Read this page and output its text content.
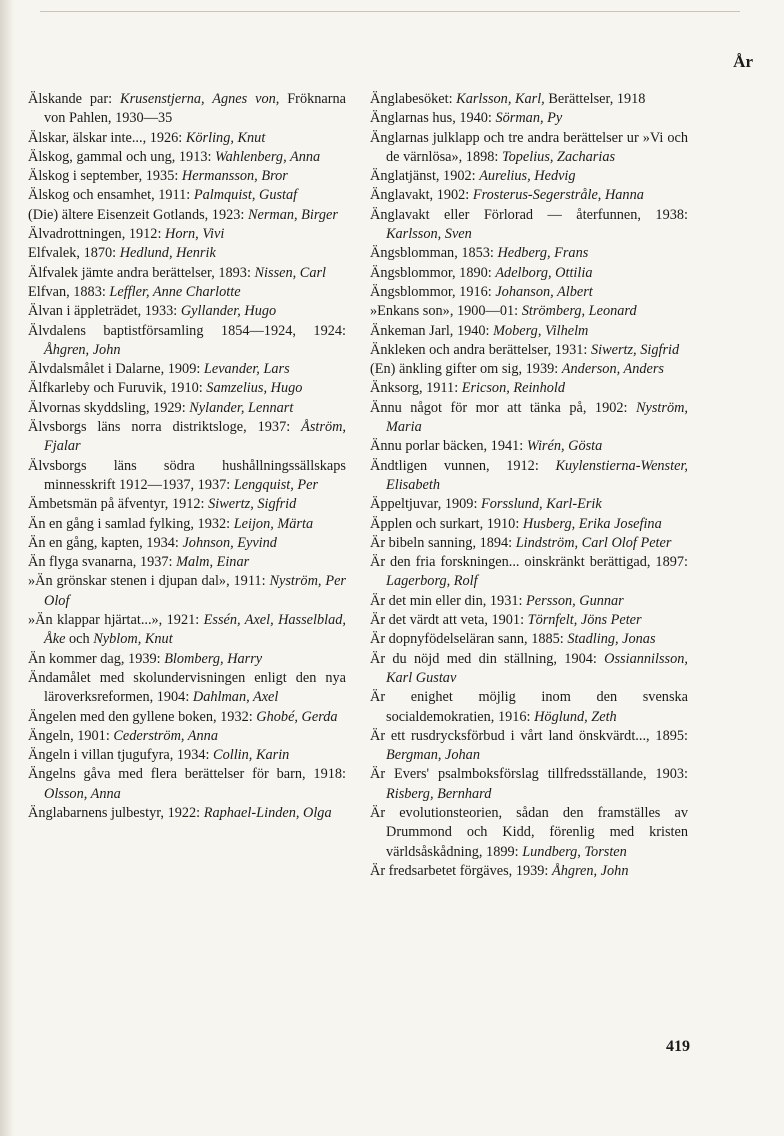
År

Älskande par: Krusenstjerna, Agnes von, Fröknarna von Pahlen, 1930—35

Älskar, älskar inte..., 1926: Körling, Knut

Älskog, gammal och ung, 1913: Wahlenberg, Anna

Älskog i september, 1935: Hermansson, Bror

Älskog och ensamhet, 1911: Palmquist, Gustaf

(Die) ältere Eisenzeit Gotlands, 1923: Nerman, Birger

Älvadrottningen, 1912: Horn, Vivi

Elfvalek, 1870: Hedlund, Henrik

Älfvalek jämte andra berättelser, 1893: Nissen, Carl

Elfvan, 1883: Leffler, Anne Charlotte

Älvan i äppleträdet, 1933: Gyllander, Hugo

Älvdalens baptistförsamling 1854—1924, 1924: Åhgren, John

Älvdalsmålet i Dalarne, 1909: Levander, Lars

Älfkarleby och Furuvik, 1910: Samzelius, Hugo

Älvornas skyddsling, 1929: Nylander, Lennart

Älvsborgs läns norra distriktsloge, 1937: Åström, Fjalar

Älvsborgs läns södra hushållningssällskaps minnesskrift 1912—1937, 1937: Lengquist, Per

Ämbetsmän på äfventyr, 1912: Siwertz, Sigfrid

Än en gång i samlad fylking, 1932: Leijon, Märta

Än en gång, kapten, 1934: Johnson, Eyvind

Än flyga svanarna, 1937: Malm, Einar

»Än grönskar stenen i djupan dal», 1911: Nyström, Per Olof

»Än klappar hjärtat...», 1921: Essén, Axel, Hasselblad, Åke och Nyblom, Knut

Än kommer dag, 1939: Blomberg, Harry

Ändamålet med skolundervisningen enligt den nya läroverksreformen, 1904: Dahlman, Axel

Ängelen med den gyllene boken, 1932: Ghobé, Gerda

Ängeln, 1901: Cederström, Anna

Ängeln i villan tjugufyra, 1934: Collin, Karin

Ängelns gåva med flera berättelser för barn, 1918: Olsson, Anna

Änglabarnens julbestyr, 1922: Raphael-Linden, Olga

Änglabesöket: Karlsson, Karl, Berättelser, 1918

Änglarnas hus, 1940: Sörman, Py

Änglarnas julklapp och tre andra berättelser ur »Vi och de värnlösa», 1898: Topelius, Zacharias

Änglatjänst, 1902: Aurelius, Hedvig

Änglavakt, 1902: Frosterus-Segerstråle, Hanna

Änglavakt eller Förlorad — återfunnen, 1938: Karlsson, Sven

Ängsblomman, 1853: Hedberg, Frans

Ängsblommor, 1890: Adelborg, Ottilia

Ängsblommor, 1916: Johanson, Albert

»Enkans son», 1900—01: Strömberg, Leonard

Änkeman Jarl, 1940: Moberg, Vilhelm

Änkleken och andra berättelser, 1931: Siwertz, Sigfrid

(En) änkling gifter om sig, 1939: Anderson, Anders

Änksorg, 1911: Ericson, Reinhold

Ännu något för mor att tänka på, 1902: Nyström, Maria

Ännu porlar bäcken, 1941: Wirén, Gösta

Ändtligen vunnen, 1912: Kuylenstierna-Wenster, Elisabeth

Äppeltjuvar, 1909: Forsslund, Karl-Erik

Äpplen och surkart, 1910: Husberg, Erika Josefina

Är bibeln sanning, 1894: Lindström, Carl Olof Peter

Är den fria forskningen... oinskränkt berättigad, 1897: Lagerborg, Rolf

Är det min eller din, 1931: Persson, Gunnar

Är det värdt att veta, 1901: Törnfelt, Jöns Peter

Är dopnyfödelseläran sann, 1885: Stadling, Jonas

Är du nöjd med din ställning, 1904: Ossiannilsson, Karl Gustav

Är enighet möjlig inom den svenska socialdemokratien, 1916: Höglund, Zeth

Är ett rusdrycksförbud i vårt land önskvärdt..., 1895: Bergman, Johan

Är Evers' psalmboksförslag tillfredsställande, 1903: Risberg, Bernhard

Är evolutionsteorien, sådan den framställes av Drummond och Kidd, förenlig med kristen världsåskådning, 1899: Lundberg, Torsten

Är fredsarbetet förgäves, 1939: Åhgren, John

419
